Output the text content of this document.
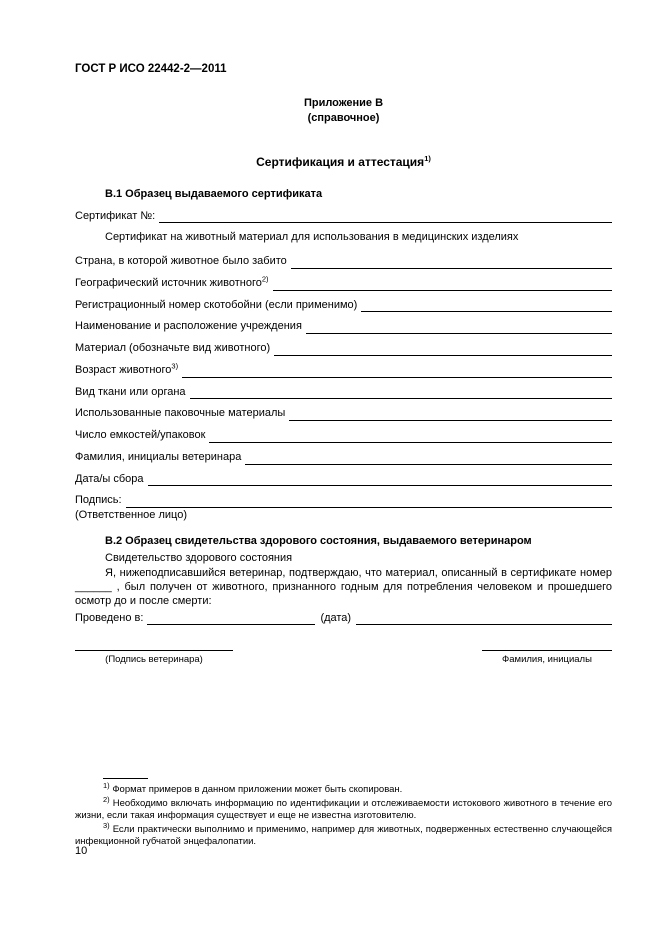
ГОСТ Р ИСО 22442-2—2011
Приложение В
(справочное)
Сертификация и аттестация$^{1)}$
В.1 Образец выдаваемого сертификата
Сертификат №:
Сертификат на животный материал для использования в медицинских изделиях
Страна, в которой животное было забито
Географический источник животного$^{2)}$
Регистрационный номер скотобойни (если применимо)
Наименование и расположение учреждения
Материал (обозначьте вид животного)
Возраст животного$^{3)}$
Вид ткани или органа
Использованные паковочные материалы
Число емкостей/упаковок
Фамилия, инициалы ветеринара
Дата/ы сбора
Подпись:
(Ответственное лицо)
В.2 Образец свидетельства здорового состояния, выдаваемого ветеринаром
Свидетельство здорового состояния
Я, нижеподписавшийся ветеринар, подтверждаю, что материал, описанный в сертификате номер ______ , был получен от животного, признанного годным для потребления человеком и прошедшего осмотр до и после смерти:
Проведено в:	(дата)
(Подпись ветеринара)	Фамилия, инициалы

$^{1)}$ Формат примеров в данном приложении может быть скопирован.

$^{2)}$ Необходимо включать информацию по идентификации и отслеживаемости истокового животного в течение его жизни, если такая информация существует и еще не известна изготовителю.

$^{3)}$ Если практически выполнимо и применимо, например для животных, подверженных естественно случающейся инфекционной губчатой энцефалопатии.

10
